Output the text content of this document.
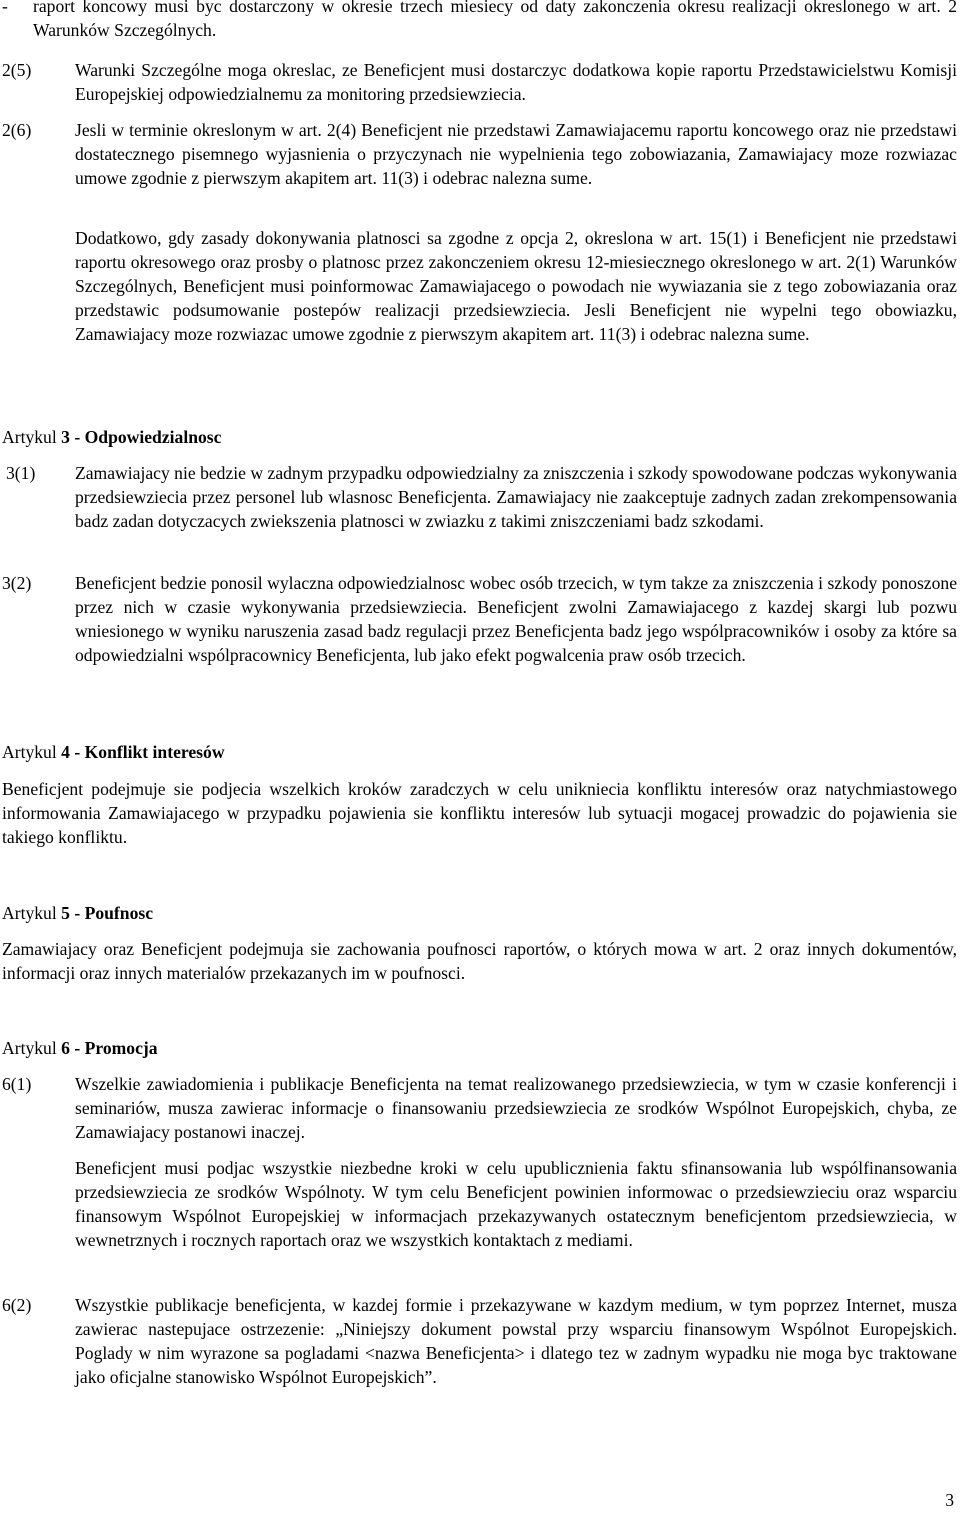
- raport koncowy musi byc dostarczony w okresie trzech miesiecy od daty zakonczenia okresu realizacji okreslonego w art. 2 Warunków Szczególnych.

2(5) Warunki Szczególne moga okreslac, ze Beneficjent musi dostarczyc dodatkowa kopie raportu Przedstawicielstwu Komisji Europejskiej odpowiedzialnemu za monitoring przedsiewziecia.

2(6) Jesli w terminie okreslonym w art. 2(4) Beneficjent nie przedstawi Zamawiajacemu raportu koncowego oraz nie przedstawi dostatecznego pisemnego wyjasnienia o przyczynach nie wypelnienia tego zobowiazania, Zamawiajacy moze rozwiazac umowe zgodnie z pierwszym akapitem art. 11(3) i odebrac nalezna sume.

Dodatkowo, gdy zasady dokonywania platnosci sa zgodne z opcja 2, okreslona w art. 15(1) i Beneficjent nie przedstawi raportu okresowego oraz prosby o platnosc przez zakonczeniem okresu 12-miesiecznego okreslonego w art. 2(1) Warunków Szczególnych, Beneficjent musi poinformowac Zamawiajacego o powodach nie wywiazania sie z tego zobowiazania oraz przedstawic podsumowanie postepów realizacji przedsiewziecia. Jesli Beneficjent nie wypelni tego obowiazku, Zamawiajacy moze rozwiazac umowe zgodnie z pierwszym akapitem art. 11(3) i odebrac nalezna sume.

Artykul 3 - Odpowiedzialnosc
3(1) Zamawiajacy nie bedzie w zadnym przypadku odpowiedzialny za zniszczenia i szkody spowodowane podczas wykonywania przedsiewziecia przez personel lub wlasnosc Beneficjenta. Zamawiajacy nie zaakceptuje zadnych zadan zrekompensowania badz zadan dotyczacych zwiekszenia platnosci w zwiazku z takimi zniszczeniami badz szkodami.

3(2) Beneficjent bedzie ponosil wylaczna odpowiedzialnosc wobec osób trzecich, w tym takze za zniszczenia i szkody ponoszone przez nich w czasie wykonywania przedsiewziecia. Beneficjent zwolni Zamawiajacego z kazdej skargi lub pozwu wniesionego w wyniku naruszenia zasad badz regulacji przez Beneficjenta badz jego wspólpracowników i osoby za które sa odpowiedzialni wspólpracownicy Beneficjenta, lub jako efekt pogwalcenia praw osób trzecich.

Artykul 4 - Konflikt interesów

Beneficjent podejmuje sie podjecia wszelkich kroków zaradczych w celu unikniecia konfliktu interesów oraz natychmiastowego informowania Zamawiajacego w przypadku pojawienia sie konfliktu interesów lub sytuacji mogacej prowadzic do pojawienia sie takiego konfliktu.

Artykul 5 - Poufnosc

Zamawiajacy oraz Beneficjent podejmuja sie zachowania poufnosci raportów, o których mowa w art. 2 oraz innych dokumentów, informacji oraz innych materialów przekazanych im w poufnosci.

Artykul 6 - Promocja
6(1) Wszelkie zawiadomienia i publikacje Beneficjenta na temat realizowanego przedsiewziecia, w tym w czasie konferencji i seminariów, musza zawierac informacje o finansowaniu przedsiewziecia ze srodków Wspólnot Europejskich, chyba, ze Zamawiajacy postanowi inaczej.

Beneficjent musi podjac wszystkie niezbedne kroki w celu upublicznienia faktu sfinansowania lub wspólfinansowania przedsiewziecia ze srodków Wspólnoty. W tym celu Beneficjent powinien informowac o przedsiewzieciu oraz wsparciu finansowym Wspólnot Europejskiej w informacjach przekazywanych ostatecznym beneficjentom przedsiewziecia, w wewnetrznych i rocznych raportach oraz we wszystkich kontaktach z mediami.

6(2) Wszystkie publikacje beneficjenta, w kazdej formie i przekazywane w kazdym medium, w tym poprzez Internet, musza zawierac nastepujace ostrzezenie: „Niniejszy dokument powstal przy wsparciu finansowym Wspólnot Europejskich. Poglady w nim wyrazone sa pogladami <nazwa Beneficjenta> i dlatego tez w zadnym wypadku nie moga byc traktowane jako oficjalne stanowisko Wspólnot Europejskich”.

3
